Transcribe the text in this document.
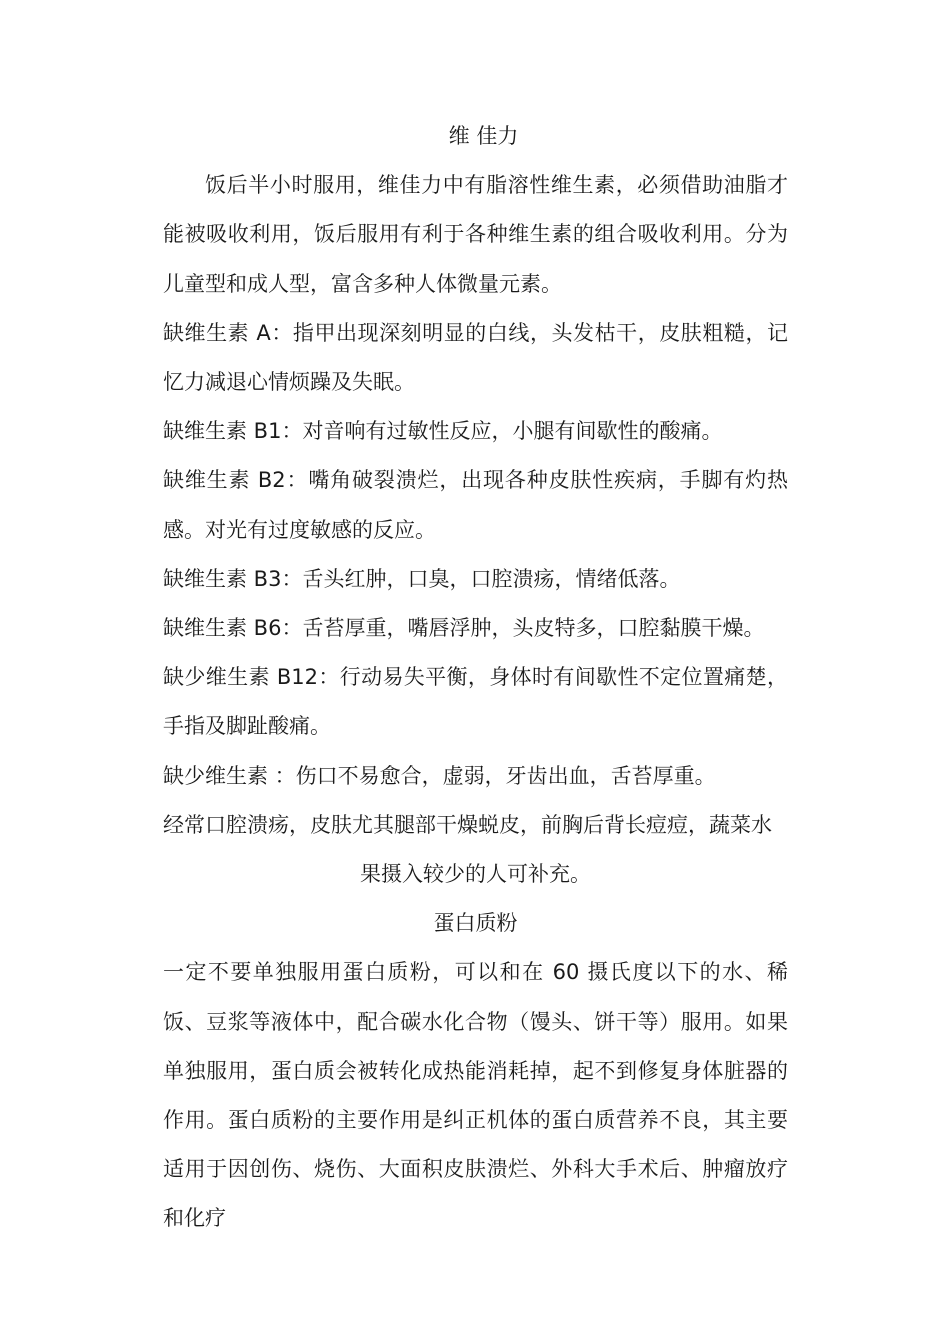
维 佳力

饭后半小时服用，维佳力中有脂溶性维生素，必须借助油脂才能被吸收利用，饭后服用有利于各种维生素的组合吸收利用。分为儿童型和成人型，富含多种人体微量元素。

缺维生素 A：指甲出现深刻明显的白线，头发枯干，皮肤粗糙，记忆力减退心情烦躁及失眠。

缺维生素 B1：对音响有过敏性反应，小腿有间歇性的酸痛。

缺维生素 B2：嘴角破裂溃烂，出现各种皮肤性疾病，手脚有灼热感。对光有过度敏感的反应。

缺维生素 B3：舌头红肿，口臭，口腔溃疡，情绪低落。

缺维生素 B6：舌苔厚重，嘴唇浮肿，头皮特多，口腔黏膜干燥。

缺少维生素 B12：行动易失平衡，身体时有间歇性不定位置痛楚，手指及脚趾酸痛。

缺少维生素 ：伤口不易愈合，虚弱，牙齿出血，舌苔厚重。

经常口腔溃疡，皮肤尤其腿部干燥蜕皮，前胸后背长痘痘，蔬菜水

果摄入较少的人可补充。

蛋白质粉

一定不要单独服用蛋白质粉，可以和在 60 摄氏度以下的水、稀饭、豆浆等液体中，配合碳水化合物（馒头、饼干等）服用。如果单独服用，蛋白质会被转化成热能消耗掉，起不到修复身体脏器的作用。蛋白质粉的主要作用是纠正机体的蛋白质营养不良，其主要适用于因创伤、烧伤、大面积皮肤溃烂、外科大手术后、肿瘤放疗和化疗
